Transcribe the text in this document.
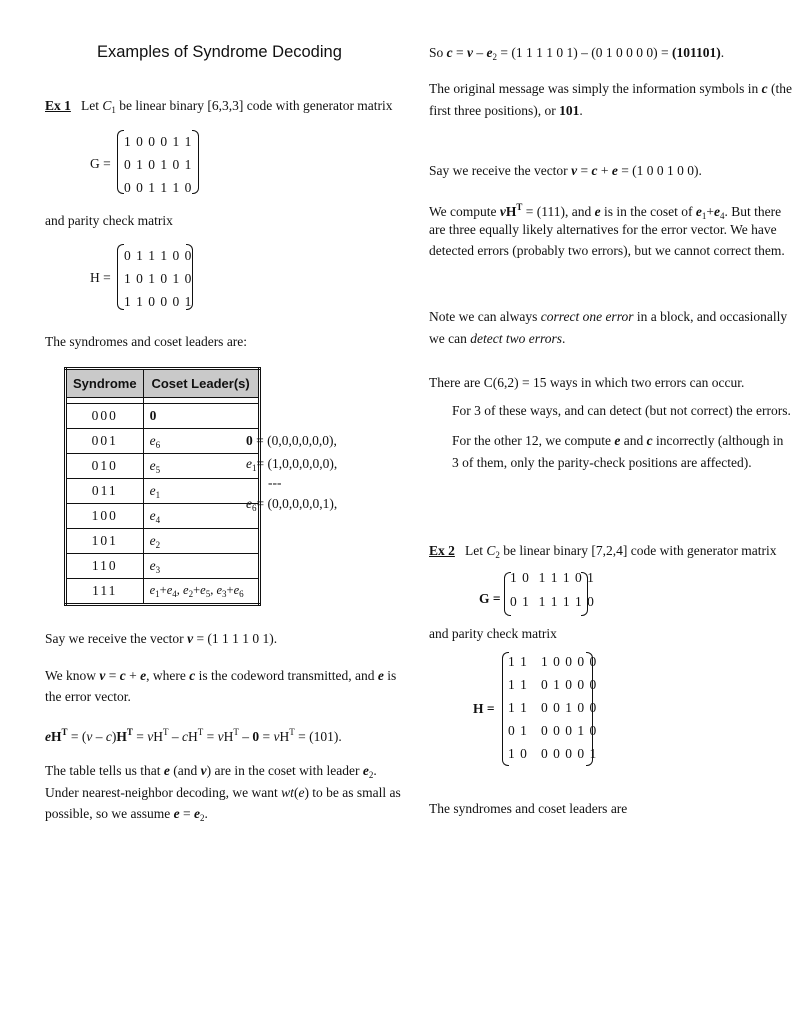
Examples of Syndrome Decoding
Ex 1 Let $C_1$ be linear binary [6,3,3] code with generator matrix
G =
1 0 0 0 1 1
0 1 0 1 0 1
0 0 1 1 1 0
and parity check matrix
H =
0 1 1 1 0 0
1 0 1 0 1 0
1 1 0 0 0 1
The syndromes and coset leaders are:
Syndrome	Coset Leader(s)

000	0
001	$e_6$
010	$e_5$
011	$e_1$
100	$e_4$
101	$e_2$
110	$e_3$
111	$e_1+e_4$, $e_2+e_5$, $e_3+e_6$
0 = (0,0,0,0,0,0),
$e_1= (1,0,0,0,0,0)$,
---
$e_6= (0,0,0,0,0,1)$,
Say we receive the vector v = (1 1 1 1 0 1).
We know v = c + e, where c is the codeword transmitted, and e is
the error vector.
$eH^T = (v - c)H^T = vH^T - cH^T = vH^T - 0 = vH^T = (101)$.
The table tells us that e (and v) are in the coset with leader $e_2$.
Under nearest-neighbor decoding, we want wt(e) to be as small as
possible, so we assume $e = e_2$.
So $c = v - e_2 = (1$ 1 1 1 0 1) – (0 1 0 0 0 0) = (101101).
The original message was simply the information symbols in c (the
first three positions), or 101.
Say we receive the vector v = c + e = (1 0 0 1 0 0).
We compute $vH^T = (111)$, and e is in the coset of $e_1+e_4$. But there
are three equally likely alternatives for the error vector. We have
detected errors (probably two errors), but we cannot correct them.
Note we can always correct one error in a block, and occasionally
we can detect two errors.
There are C(6,2) = 15 ways in which two errors can occur.
For 3 of these ways, and can detect (but not correct) the errors.
For the other 12, we compute e and c incorrectly (although in
3 of them, only the parity-check positions are affected).
Ex 2   Let $C_2$ be linear binary [7,2,4] code with generator matrix
G =
1 0  1 1 1 0 1
0 1  1 1 1 1 0
and parity check matrix
H =
1 1   1 0 0 0 0
1 1   0 1 0 0 0
1 1   0 0 1 0 0
0 1   0 0 0 1 0
1 0   0 0 0 0 1
The syndromes and coset leaders are
